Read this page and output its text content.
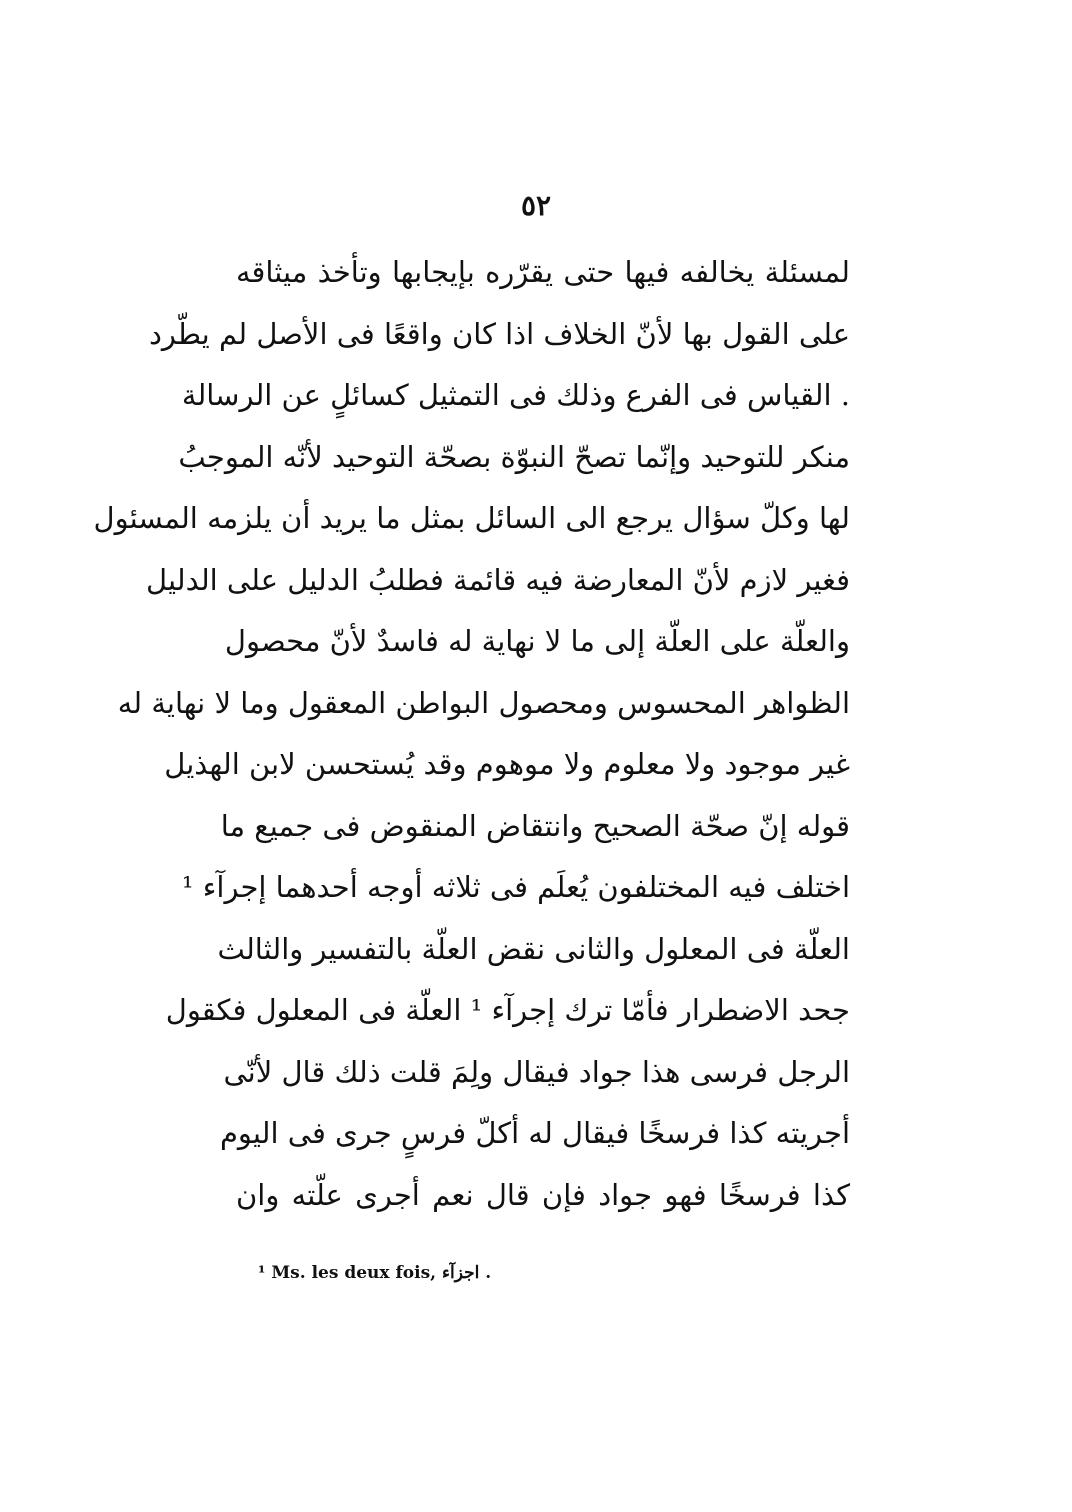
٥٢
لمسئلة يخالفه فيها حتى يقرّره بإيجابها وتأخذ ميثاقه
على القول بها لأنّ الخلاف اذا كان واقعًا فى الأصل لم يطّرد
. القياس فى الفرع وذلك فى التمثيل كسائلٍ عن الرسالة
منكر للتوحيد وإنّما تصحّ النبوّة بصحّة التوحيد لأنّه الموجبُ
لها وكلّ سؤال يرجع الى السائل بمثل ما يريد أن يلزمه المسئول
فغير لازم لأنّ المعارضة فيه قائمة فطلبُ الدليل على الدليل
والعلّة على العلّة إلى ما لا نهاية له فاسدٌ لأنّ محصول
الظواهر المحسوس ومحصول البواطن المعقول وما لا نهاية له
غير موجود ولا معلوم ولا موهوم وقد يُستحسن لابن الهذيل
قوله إنّ صحّة الصحيح وانتقاض المنقوض فى جميع ما
اختلف فيه المختلفون يُعلَم فى ثلاثه أوجه أحدهما إجرآء ¹
العلّة فى المعلول والثانى نقض العلّة بالتفسير والثالث
جحد الاضطرار فأمّا ترك إجرآء ¹ العلّة فى المعلول فكقول
الرجل فرسى هذا جواد فيقال ولِمَ قلت ذلك قال لأنّى
أجريته كذا فرسخًا فيقال له أكلّ فرسٍ جرى فى اليوم
كذا فرسخًا فهو جواد فإن قال نعم أجرى علّته وان
¹ Ms. les deux fois, اجزآء .
